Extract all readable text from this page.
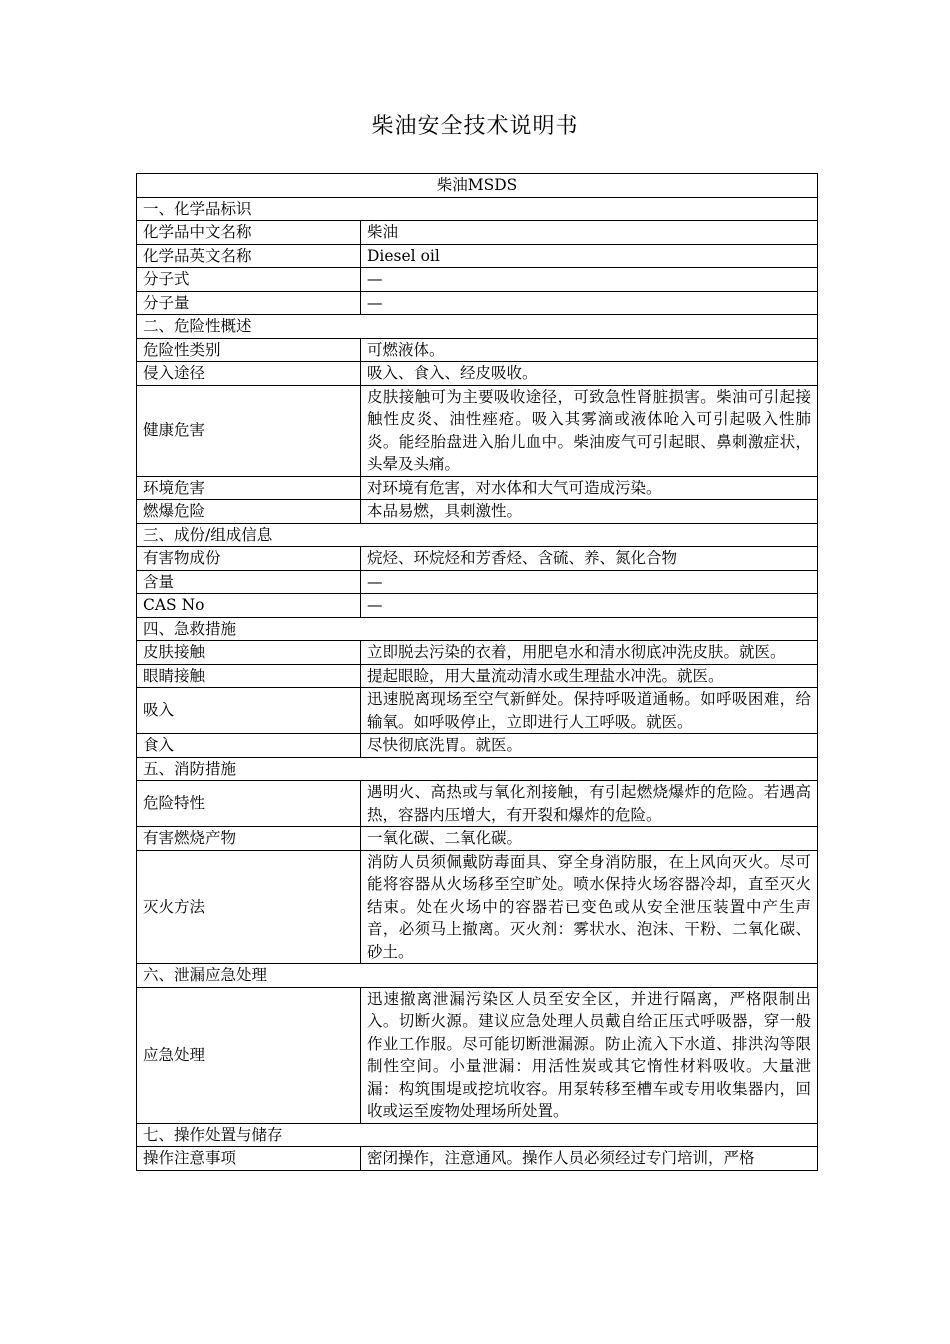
柴油安全技术说明书
柴油MSDS	
一、化学品标识	
化学品中文名称	柴油
化学品英文名称	Diesel oil
分子式	—
分子量	—
二、危险性概述	
危险性类别	可燃液体。
侵入途径	吸入、食入、经皮吸收。
健康危害	皮肤接触可为主要吸收途径，可致急性肾脏损害。柴油可引起接触性皮炎、油性痤疮。吸入其雾滴或液体呛入可引起吸入性肺炎。能经胎盘进入胎儿血中。柴油废气可引起眼、鼻刺激症状，头晕及头痛。
环境危害	对环境有危害，对水体和大气可造成污染。
燃爆危险	本品易燃，具刺激性。
三、成份/组成信息	
有害物成份	烷烃、环烷烃和芳香烃、含硫、养、氮化合物
含量	—
CAS No	—
四、急救措施	
皮肤接触	立即脱去污染的衣着，用肥皂水和清水彻底冲洗皮肤。就医。
眼睛接触	提起眼睑，用大量流动清水或生理盐水冲洗。就医。
吸入	迅速脱离现场至空气新鲜处。保持呼吸道通畅。如呼吸困难，给输氧。如呼吸停止，立即进行人工呼吸。就医。
食入	尽快彻底洗胃。就医。
五、消防措施	
危险特性	遇明火、高热或与氧化剂接触，有引起燃烧爆炸的危险。若遇高热，容器内压增大，有开裂和爆炸的危险。
有害燃烧产物	一氧化碳、二氧化碳。
灭火方法	消防人员须佩戴防毒面具、穿全身消防服，在上风向灭火。尽可能将容器从火场移至空旷处。喷水保持火场容器冷却，直至灭火结束。处在火场中的容器若已变色或从安全泄压装置中产生声音，必须马上撤离。灭火剂：雾状水、泡沫、干粉、二氧化碳、砂土。
六、泄漏应急处理	
应急处理	迅速撤离泄漏污染区人员至安全区，并进行隔离，严格限制出入。切断火源。建议应急处理人员戴自给正压式呼吸器，穿一般作业工作服。尽可能切断泄漏源。防止流入下水道、排洪沟等限制性空间。小量泄漏：用活性炭或其它惰性材料吸收。大量泄漏：构筑围堤或挖坑收容。用泵转移至槽车或专用收集器内，回收或运至废物处理场所处置。
七、操作处置与储存	
操作注意事项	密闭操作，注意通风。操作人员必须经过专门培训，严格
